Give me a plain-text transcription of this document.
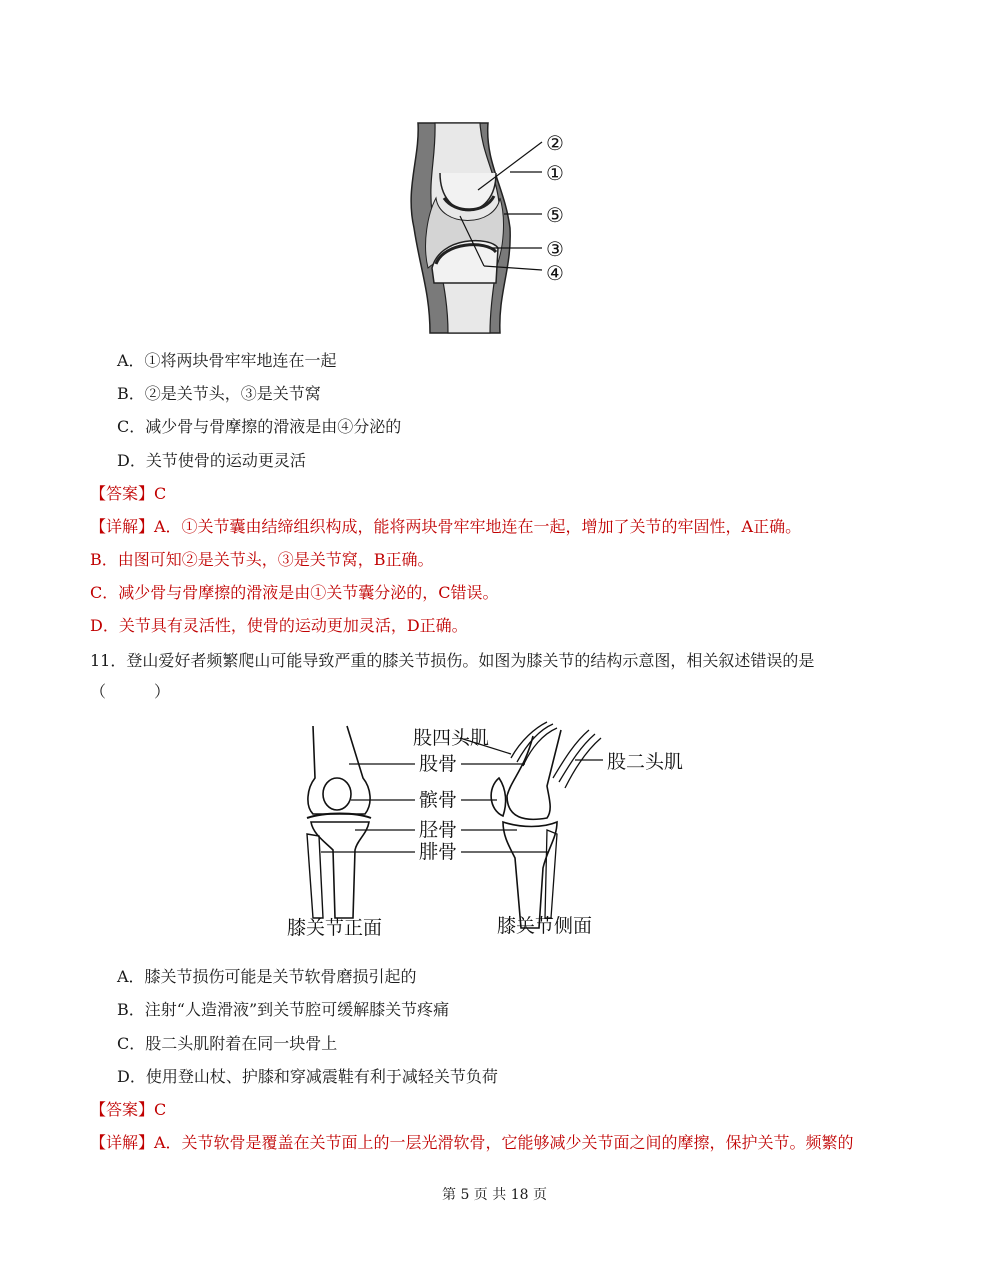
②
①
⑤
③
④
A．①将两块骨牢牢地连在一起
B．②是关节头，③是关节窝
C．减少骨与骨摩擦的滑液是由④分泌的
D．关节使骨的运动更灵活
【答案】C
【详解】A．①关节囊由结缔组织构成，能将两块骨牢牢地连在一起，增加了关节的牢固性，A正确。
B．由图可知②是关节头，③是关节窝，B正确。
C．减少骨与骨摩擦的滑液是由①关节囊分泌的，C错误。
D．关节具有灵活性，使骨的运动更加灵活，D正确。
11．登山爱好者频繁爬山可能导致严重的膝关节损伤。如图为膝关节的结构示意图，相关叙述错误的是
（　　　）
股四头肌
股骨	股二头肌
髌骨
胫骨
腓骨
膝关节正面	膝关节侧面
A．膝关节损伤可能是关节软骨磨损引起的
B．注射“人造滑液”到关节腔可缓解膝关节疼痛
C．股二头肌附着在同一块骨上
D．使用登山杖、护膝和穿减震鞋有利于减轻关节负荷
【答案】C
【详解】A．关节软骨是覆盖在关节面上的一层光滑软骨，它能够减少关节面之间的摩擦，保护关节。频繁的
第 5 页 共 18 页
